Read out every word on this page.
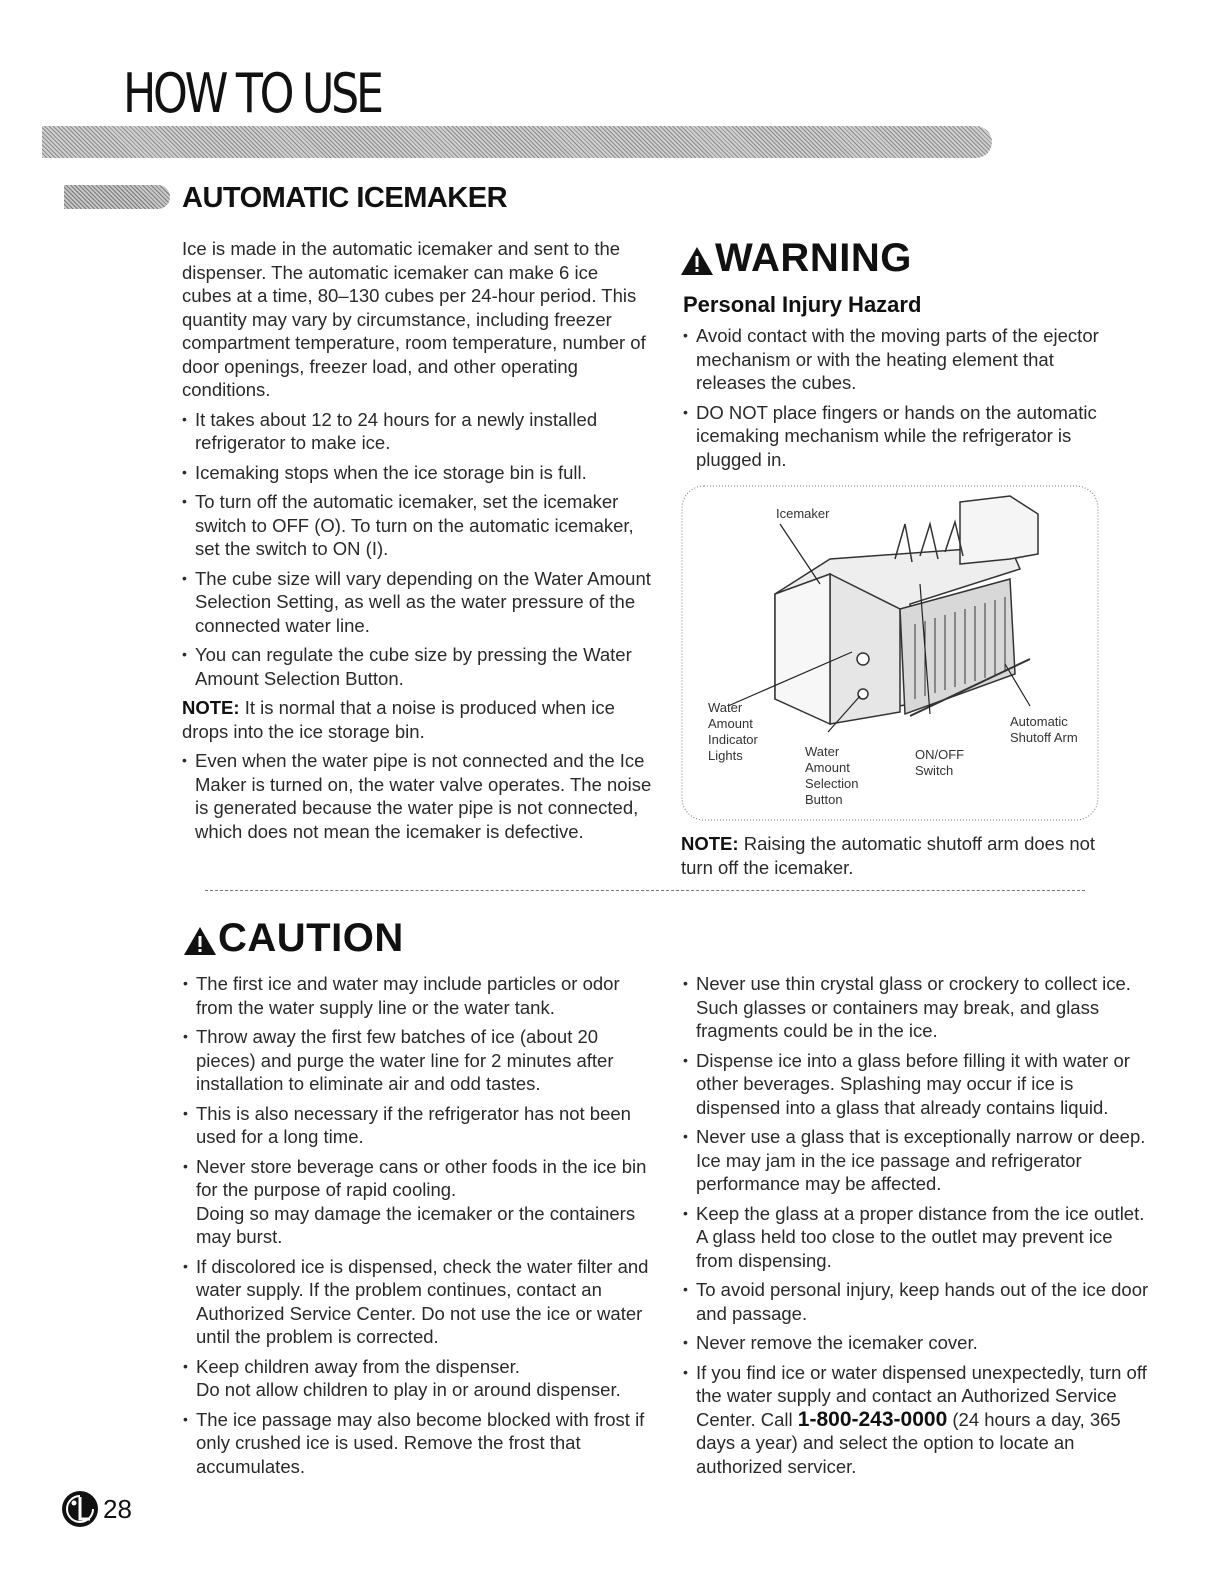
HOW TO USE
AUTOMATIC ICEMAKER

Ice is made in the automatic icemaker and sent to the dispenser. The automatic icemaker can make 6 ice cubes at a time, 80–130 cubes per 24-hour period. This quantity may vary by circumstance, including freezer compartment temperature, room temperature, number of door openings, freezer load, and other operating conditions.

• It takes about 12 to 24 hours for a newly installed refrigerator to make ice.
• Icemaking stops when the ice storage bin is full.
• To turn off the automatic icemaker, set the icemaker switch to OFF (O). To turn on the automatic icemaker, set the switch to ON (I).
• The cube size will vary depending on the Water Amount Selection Setting, as well as the water pressure of the connected water line.
• You can regulate the cube size by pressing the Water Amount Selection Button.

NOTE: It is normal that a noise is produced when ice drops into the ice storage bin.

• Even when the water pipe is not connected and the Ice Maker is turned on, the water valve operates. The noise is generated because the water pipe is not connected, which does not mean the icemaker is defective.
WARNING
Personal Injury Hazard
• Avoid contact with the moving parts of the ejector mechanism or with the heating element that releases the cubes.
• DO NOT place fingers or hands on the automatic icemaking mechanism while the refrigerator is plugged in.
Icemaker
Water Amount Indicator Lights	Water Amount Selection Button
ON/OFF Switch
Automatic Shutoff Arm
NOTE: Raising the automatic shutoff arm does not turn off the icemaker.
CAUTION
• The first ice and water may include particles or odor from the water supply line or the water tank.
• Throw away the first few batches of ice (about 20 pieces) and purge the water line for 2 minutes after installation to eliminate air and odd tastes.
• This is also necessary if the refrigerator has not been used for a long time.
• Never store beverage cans or other foods in the ice bin for the purpose of rapid cooling.
Doing so may damage the icemaker or the containers may burst.
• If discolored ice is dispensed, check the water filter and water supply. If the problem continues, contact an Authorized Service Center. Do not use the ice or water until the problem is corrected.
• Keep children away from the dispenser.
Do not allow children to play in or around dispenser.
• The ice passage may also become blocked with frost if only crushed ice is used. Remove the frost that accumulates.
• Never use thin crystal glass or crockery to collect ice. Such glasses or containers may break, and glass fragments could be in the ice.
• Dispense ice into a glass before filling it with water or other beverages. Splashing may occur if ice is dispensed into a glass that already contains liquid.
• Never use a glass that is exceptionally narrow or deep. Ice may jam in the ice passage and refrigerator performance may be affected.
• Keep the glass at a proper distance from the ice outlet. A glass held too close to the outlet may prevent ice from dispensing.
• To avoid personal injury, keep hands out of the ice door and passage.
• Never remove the icemaker cover.
• If you find ice or water dispensed unexpectedly, turn off the water supply and contact an Authorized Service Center. Call 1-800-243-0000 (24 hours a day, 365 days a year) and select the option to locate an authorized servicer.
28
